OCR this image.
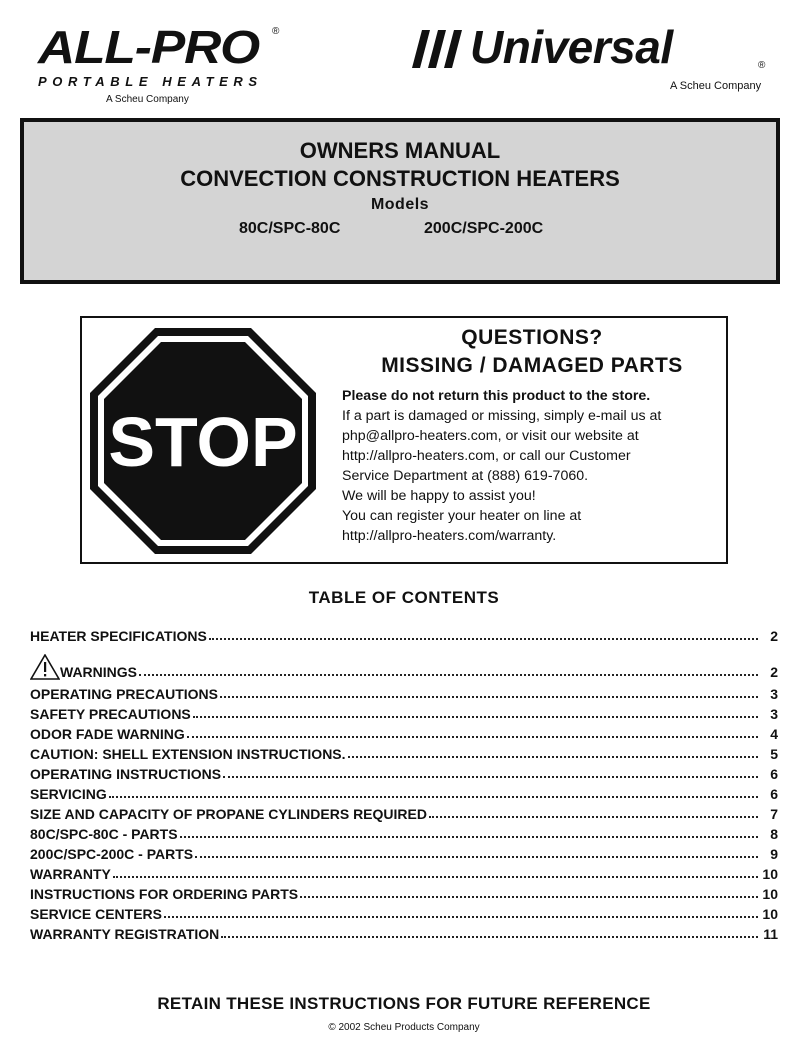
ALL-PRO ®
PORTABLE HEATERS
A Scheu Company
Universal	®
A Scheu Company
OWNERS MANUAL
CONVECTION CONSTRUCTION HEATERS
Models
80C/SPC-80C	200C/SPC-200C
STOP
QUESTIONS?
MISSING / DAMAGED PARTS
Please do not return this product to the store.
If a part is damaged or missing, simply e-mail us at
php@allpro-heaters.com, or visit our website at
http://allpro-heaters.com, or call our Customer
Service Department at (888) 619-7060.
We will be happy to assist you!
You can register your heater on line at
http://allpro-heaters.com/warranty.
TABLE OF CONTENTS
HEATER SPECIFICATIONS	2
WARNINGS	2
OPERATING PRECAUTIONS	3
SAFETY PRECAUTIONS	3
ODOR FADE WARNING	4
CAUTION: SHELL EXTENSION INSTRUCTIONS.	5
OPERATING INSTRUCTIONS	6
SERVICING	6
SIZE AND CAPACITY OF PROPANE CYLINDERS REQUIRED	7
80C/SPC-80C - PARTS	8
200C/SPC-200C - PARTS	9
WARRANTY	10
INSTRUCTIONS FOR ORDERING PARTS	10
SERVICE CENTERS	10
WARRANTY REGISTRATION	11
RETAIN THESE INSTRUCTIONS FOR FUTURE REFERENCE
© 2002 Scheu Products Company
